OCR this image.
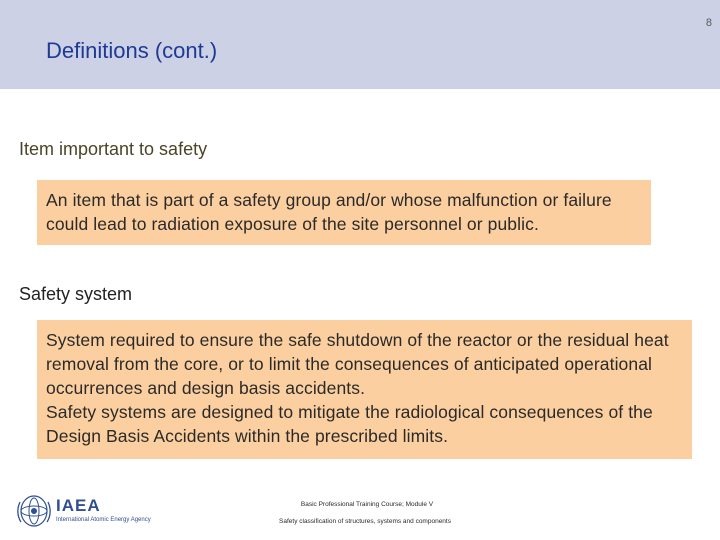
8
Definitions (cont.)
Item important to safety

An item that is part of a safety group and/or whose malfunction or failure could lead to radiation exposure of the site personnel or public.

Safety system

System required to ensure the safe shutdown of the reactor or the residual heat removal from the core, or to limit the consequences of anticipated operational occurrences and design basis accidents.

Safety systems are designed to mitigate the radiological consequences of the Design Basis Accidents within the prescribed limits.

IAEA
International Atomic Energy Agency
Basic Professional Training Course; Module V
Safety classification of structures, systems and components
